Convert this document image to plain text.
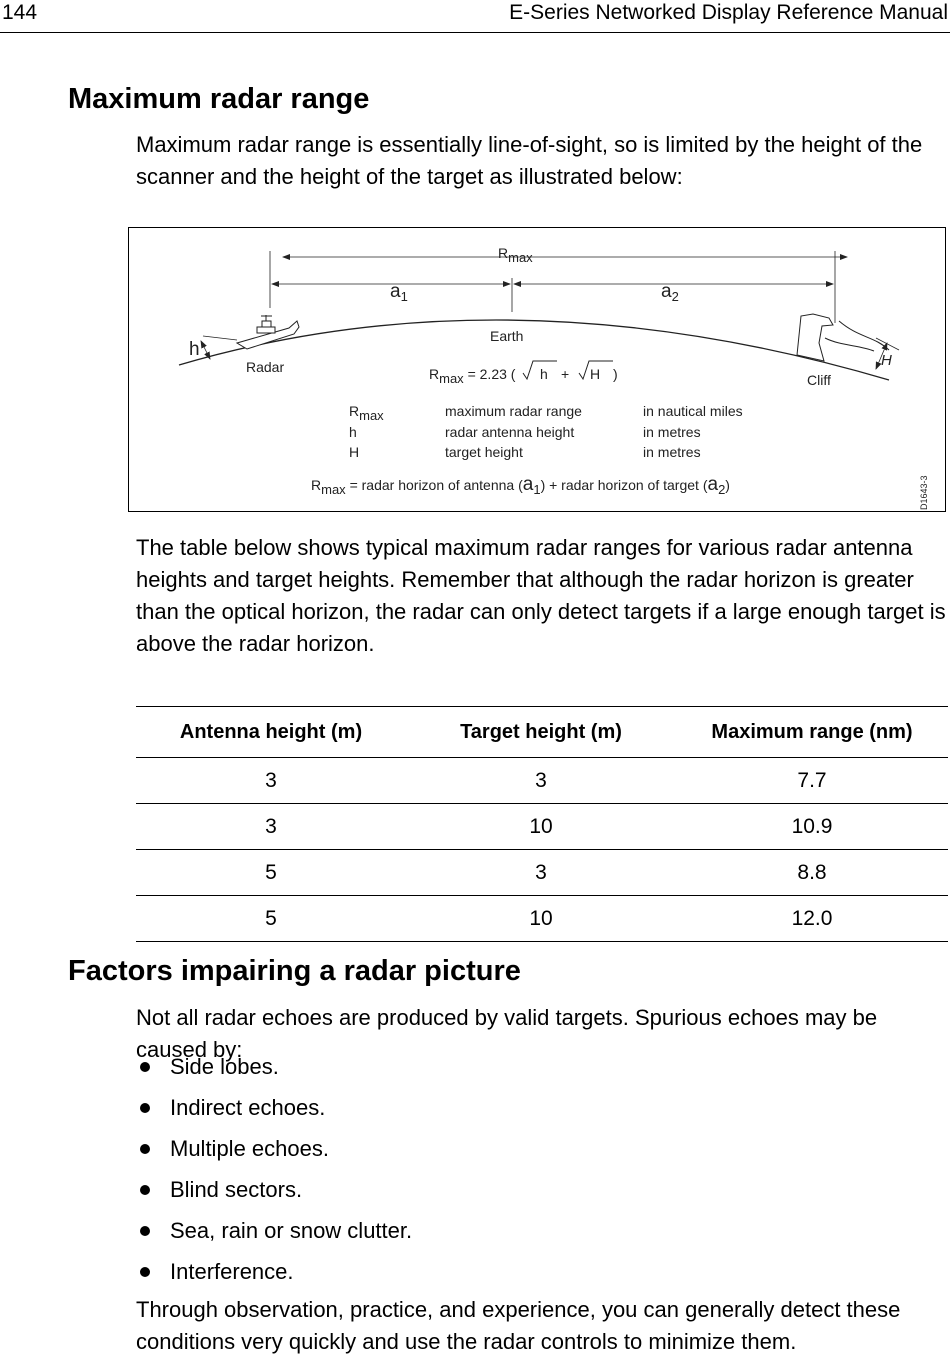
144	E-Series Networked Display Reference Manual
Maximum radar range

Maximum radar range is essentially line-of-sight, so is limited by the height of the scanner and the height of the target as illustrated below:

D1643-3
$R_{max}$
$a_1$	$a_2$
Earth
Radar
Cliff
h
H
$R_{max} = 2.23$ ( h + H )
$R_{max}$	maximum radar range	in nautical miles
h	radar antenna height	in metres
H	target height	in metres
$R_{max}$ = radar horizon of antenna $(a_1)$ + radar horizon of target $(a_2)$

The table below shows typical maximum radar ranges for various radar antenna heights and target heights. Remember that although the radar horizon is greater than the optical horizon, the radar can only detect targets if a large enough target is above the radar horizon.

Antenna height (m)	Target height (m)	Maximum range (nm)
3	3	7.7
3	10	10.9
5	3	8.8
5	10	12.0
Factors impairing a radar picture

Not all radar echoes are produced by valid targets. Spurious echoes may be caused by:

Side lobes.
Indirect echoes.
Multiple echoes.
Blind sectors.
Sea, rain or snow clutter.
Interference.

Through observation, practice, and experience, you can generally detect these conditions very quickly and use the radar controls to minimize them.
